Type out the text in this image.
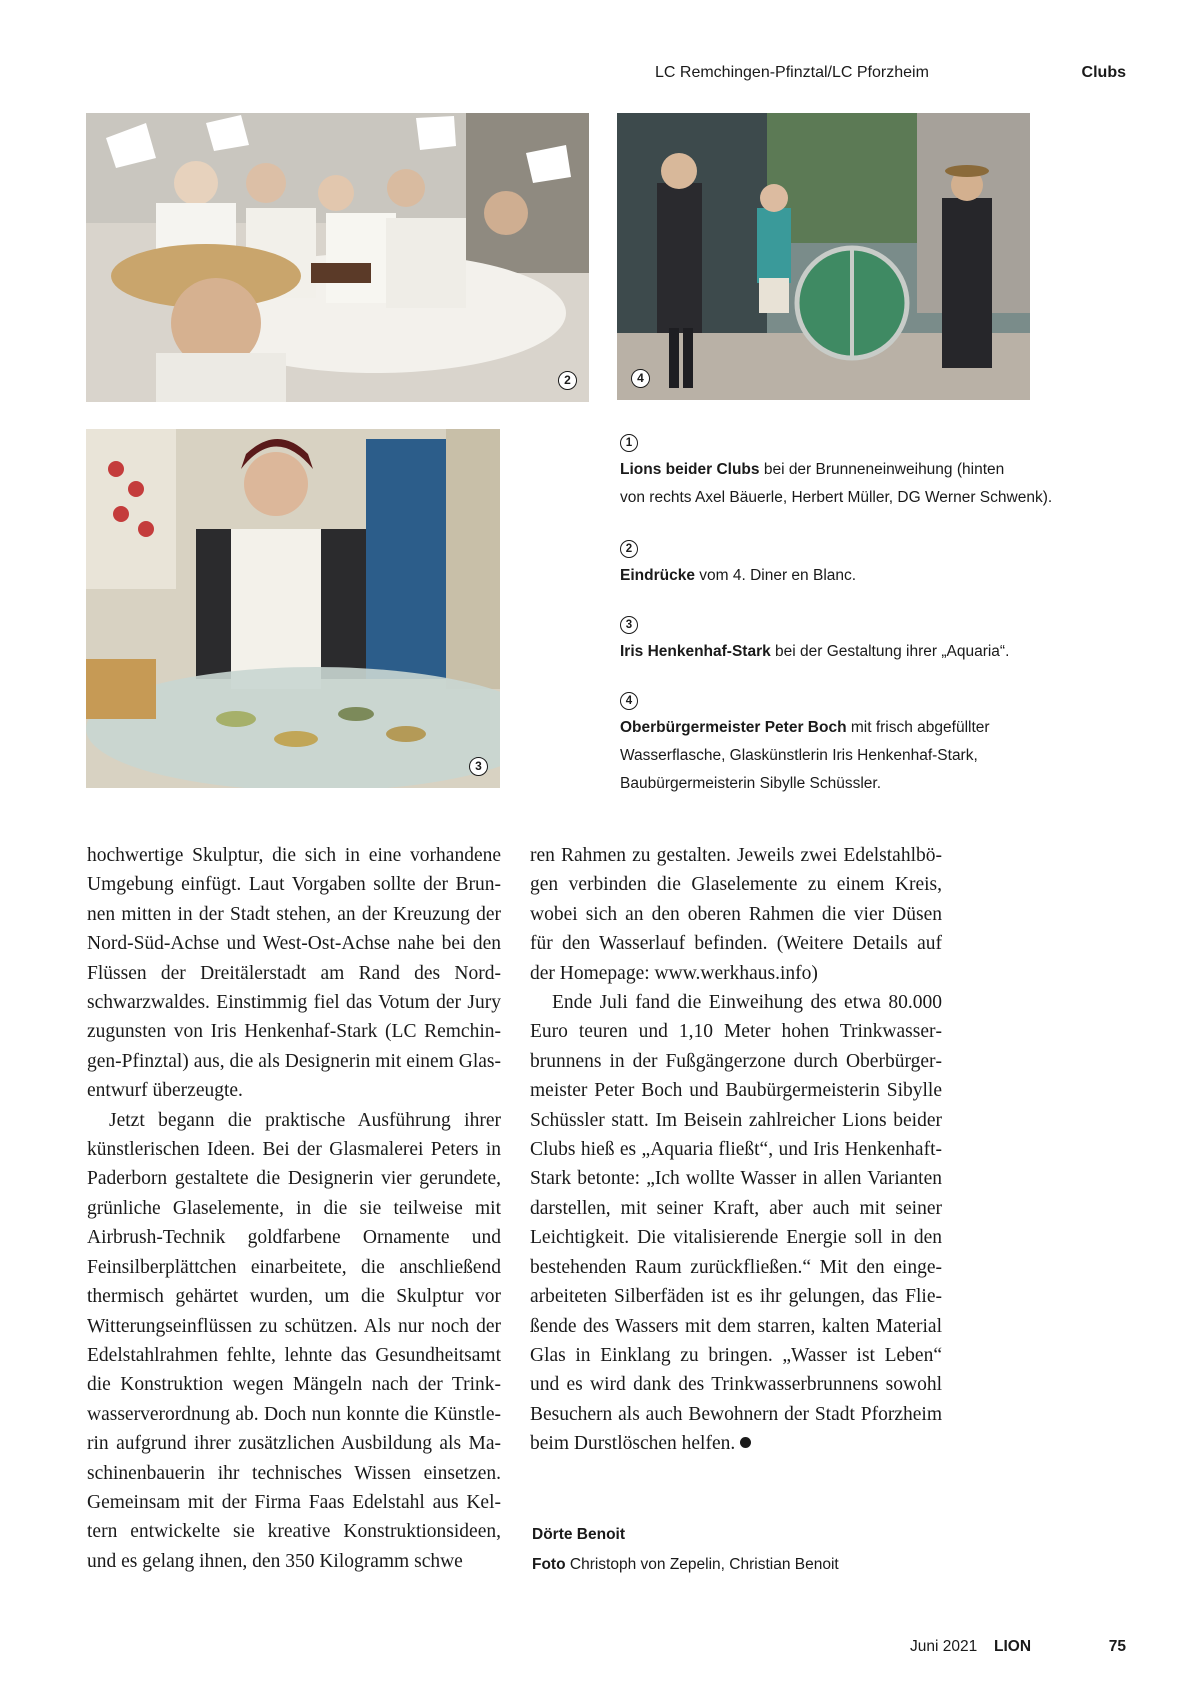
LC Remchingen-Pfinztal/LC Pforzheim	Clubs
2	4
3
1
Lions beider Clubs bei der Brunneneinweihung (hinten
von rechts Axel Bäuerle, Herbert Müller, DG Werner Schwenk).
2
Eindrücke vom 4. Diner en Blanc.
3
Iris Henkenhaf-Stark bei der Gestaltung ihrer „Aquaria“.
4
Oberbürgermeister Peter Boch mit frisch abgefüllter
Wasserflasche, Glaskünstlerin Iris Henkenhaf-Stark,
Baubürgermeisterin Sibylle Schüssler.

hochwertige Skulptur, die sich in eine vorhandene Umgebung einfügt. Laut Vorgaben sollte der Brunnen mitten in der Stadt stehen, an der Kreuzung der Nord-Süd-Achse und West-Ost-Achse nahe bei den Flüssen der Dreitälerstadt am Rand des Nordschwarzwaldes. Einstimmig fiel das Votum der Jury zugunsten von Iris Henkenhaf-Stark (LC Remchingen-Pfinztal) aus, die als Designerin mit einem Glasentwurf überzeugte.

Jetzt begann die praktische Ausführung ihrer künstlerischen Ideen. Bei der Glasmalerei Peters in Paderborn gestaltete die Designerin vier gerundete, grünliche Glaselemente, in die sie teilweise mit Airbrush-Technik goldfarbene Ornamente und Feinsilberplättchen einarbeitete, die anschließend thermisch gehärtet wurden, um die Skulptur vor Witterungseinflüssen zu schützen. Als nur noch der Edelstahlrahmen fehlte, lehnte das Gesundheitsamt die Konstruktion wegen Mängeln nach der Trinkwasserverordnung ab. Doch nun konnte die Künstlerin aufgrund ihrer zusätzlichen Ausbildung als Maschinenbauerin ihr technisches Wissen einsetzen. Gemeinsam mit der Firma Faas Edelstahl aus Keltern entwickelte sie kreative Konstruktionsideen, und es gelang ihnen, den 350 Kilogramm schwe

ren Rahmen zu gestalten. Jeweils zwei Edelstahlbögen verbinden die Glaselemente zu einem Kreis, wobei sich an den oberen Rahmen die vier Düsen für den Wasserlauf befinden. (Weitere Details auf der Homepage: www.werkhaus.info)

Ende Juli fand die Einweihung des etwa 80.000 Euro teuren und 1,10 Meter hohen Trinkwasserbrunnens in der Fußgängerzone durch Oberbürgermeister Peter Boch und Baubürgermeisterin Sibylle Schüssler statt. Im Beisein zahlreicher Lions beider Clubs hieß es „Aquaria fließt“, und Iris Henkenhaft-Stark betonte: „Ich wollte Wasser in allen Varianten darstellen, mit seiner Kraft, aber auch mit seiner Leichtigkeit. Die vitalisierende Energie soll in den bestehenden Raum zurückfließen.“ Mit den eingearbeiteten Silberfäden ist es ihr gelungen, das Fließende des Wassers mit dem starren, kalten Material Glas in Einklang zu bringen. „Wasser ist Leben“ und es wird dank des Trinkwasserbrunnens sowohl Besuchern als auch Bewohnern der Stadt Pforzheim beim Durstlöschen helfen.

Dörte Benoit
Foto Christoph von Zepelin, Christian Benoit
Juni 2021 LION	75
